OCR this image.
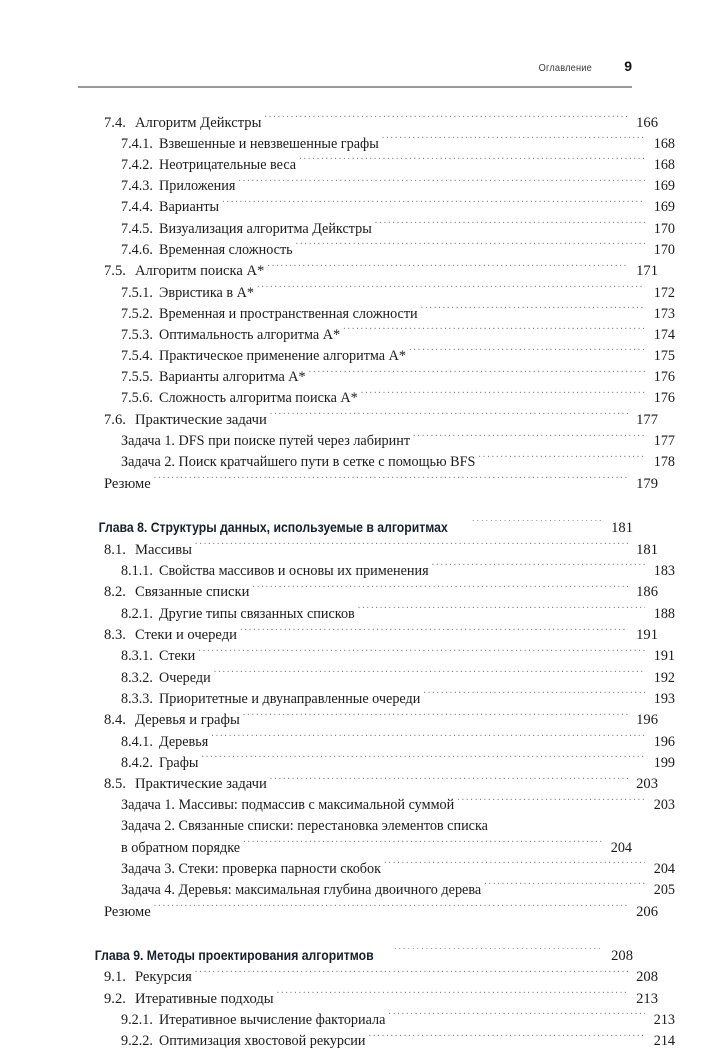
Оглавление	9
7.4. Алгоритм Дейкстры .....	166
7.4.1. Взвешенные и невзвешенные графы .....	168
7.4.2. Неотрицательные веса .....	168
7.4.3. Приложения .....	169
7.4.4. Варианты .....	169
7.4.5. Визуализация алгоритма Дейкстры .....	170
7.4.6. Временная сложность .....	170
7.5. Алгоритм поиска A* .....	171
7.5.1. Эвристика в A* .....	172
7.5.2. Временная и пространственная сложности .....	173
7.5.3. Оптимальность алгоритма A* .....	174
7.5.4. Практическое применение алгоритма A* .....	175
7.5.5. Варианты алгоритма A* .....	176
7.5.6. Сложность алгоритма поиска A* .....	176
7.6. Практические задачи .....	177
Задача 1. DFS при поиске путей через лабиринт .....	177
Задача 2. Поиск кратчайшего пути в сетке с помощью BFS .....	178
Резюме .....	179
Глава 8. Структуры данных, используемые в алгоритмах .....	181
8.1. Массивы .....	181
8.1.1. Свойства массивов и основы их применения .....	183
8.2. Связанные списки .....	186
8.2.1. Другие типы связанных списков .....	188
8.3. Стеки и очереди .....	191
8.3.1. Стеки .....	191
8.3.2. Очереди .....	192
8.3.3. Приоритетные и двунаправленные очереди .....	193
8.4. Деревья и графы .....	196
8.4.1. Деревья .....	196
8.4.2. Графы .....	199
8.5. Практические задачи .....	203
Задача 1. Массивы: подмассив с максимальной суммой .....	203
Задача 2. Связанные списки: перестановка элементов списка
в обратном порядке .....	204
Задача 3. Стеки: проверка парности скобок .....	204
Задача 4. Деревья: максимальная глубина двоичного дерева .....	205
Резюме .....	206
Глава 9. Методы проектирования алгоритмов .....	208
9.1. Рекурсия .....	208
9.2. Итеративные подходы .....	213
9.2.1. Итеративное вычисление факториала .....	213
9.2.2. Оптимизация хвостовой рекурсии .....	214
